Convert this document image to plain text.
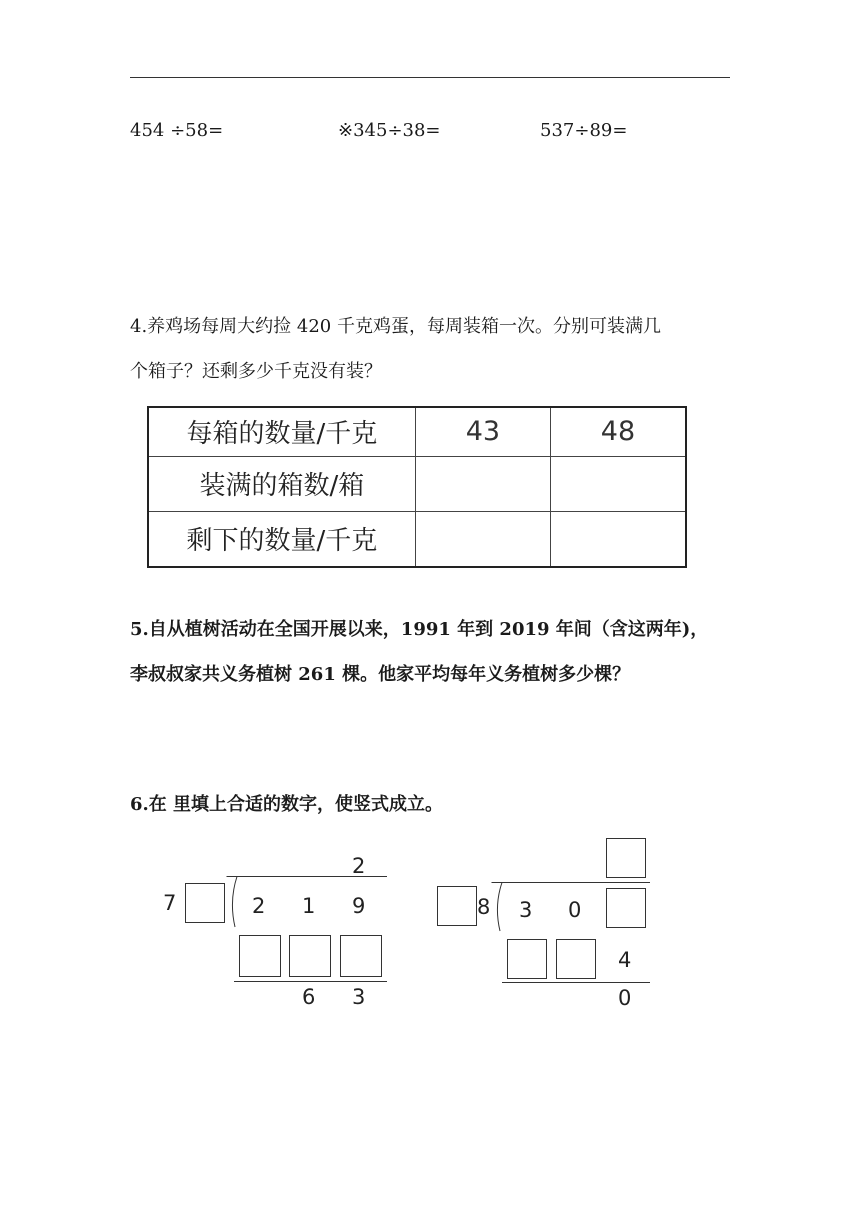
454 ÷58=	※345÷38=	537÷89=
4.养鸡场每周大约捡 420 千克鸡蛋，每周装箱一次。分别可装满几
个箱子？还剩多少千克没有装？
每箱的数量/千克	43	48
装满的箱数/箱		
剩下的数量/千克		
5.自从植树活动在全国开展以来，1991 年到 2019 年间（含这两年)，
李叔叔家共义务植树 261 棵。他家平均每年义务植树多少棵？
6.在 里填上合适的数字，使竖式成立。
2
7	2 1 9
6 3
8 3 0
4
0
